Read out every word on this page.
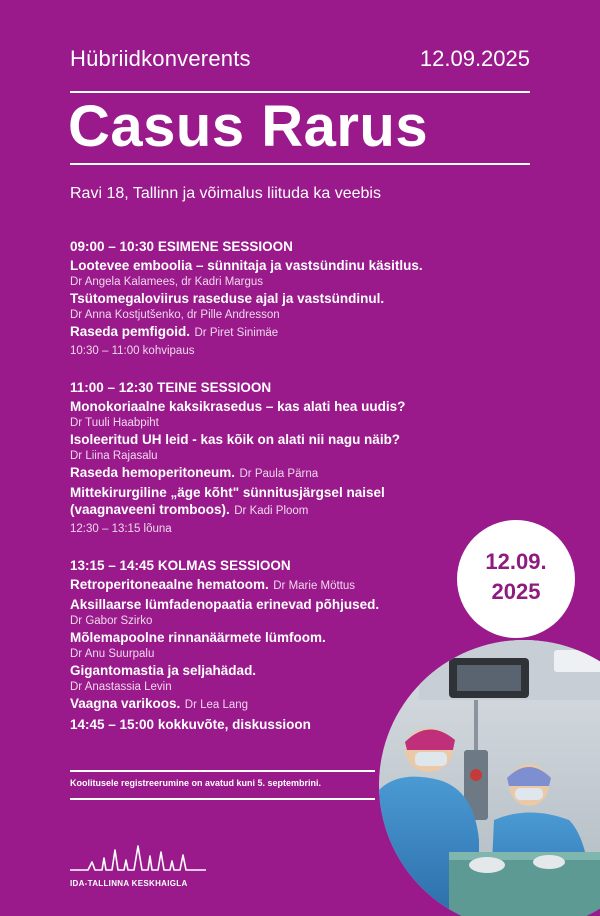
Hübriidkonverents	12.09.2025
Casus Rarus
Ravi 18, Tallinn ja võimalus liituda ka veebis
09:00 – 10:30 ESIMENE SESSIOON
Lootevee emboolia – sünnitaja ja vastsündinu käsitlus.
Dr Angela Kalamees, dr Kadri Margus
Tsütomegaloviirus raseduse ajal ja vastsündinul.
Dr Anna Kostjutšenko, dr Pille Andresson
Raseda pemfigoid. Dr Piret Sinimäe
10:30 – 11:00 kohvipaus
11:00 – 12:30 TEINE SESSIOON
Monokoriaalne kaksikrasedus – kas alati hea uudis?
Dr Tuuli Haabpiht
Isoleeritud UH leid - kas kõik on alati nii nagu näib?
Dr Liina Rajasalu
Raseda hemoperitoneum. Dr Paula Pärna
Mittekirurgiline „äge kõht" sünnitusjärgsel naisel
(vaagnaveeni tromboos). Dr Kadi Ploom
12:30 – 13:15 lõuna
13:15 – 14:45 KOLMAS SESSIOON
Retroperitoneaalne hematoom. Dr Marie Möttus
Aksillaarse lümfadenopaatia erinevad põhjused.
Dr Gabor Szirko
Mõlemapoolne rinnanäärmete lümfoom.
Dr Anu Suurpalu
Gigantomastia ja seljahädad.
Dr Anastassia Levin
Vaagna varikoos. Dr Lea Lang
14:45 – 15:00 kokkuvõte, diskussioon
12.09.
2025
Koolitusele registreerumine on avatud kuni 5. septembrini.
IDA-TALLINNA KESKHAIGLA
